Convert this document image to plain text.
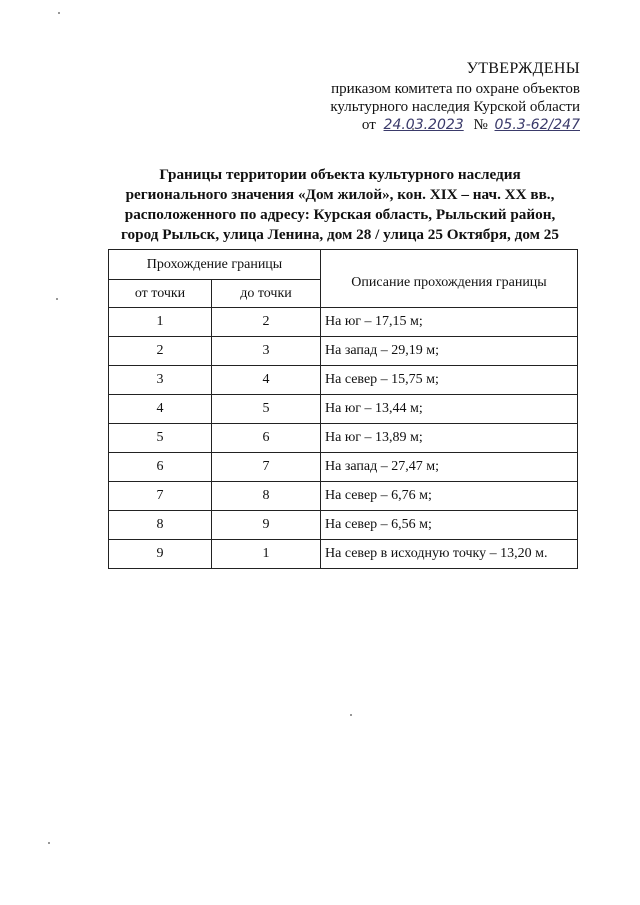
УТВЕРЖДЕНЫ
приказом комитета по охране объектов
культурного наследия Курской области
от 24.03.2023 № 05.3-62/247
Границы территории объекта культурного наследия
регионального значения «Дом жилой», кон. XIX – нач. XX вв.,
расположенного по адресу: Курская область, Рыльский район,
город Рыльск, улица Ленина, дом 28 / улица 25 Октября, дом 25
Прохождение границы		Описание прохождения границы
от точки	до точки	
1	2	На юг – 17,15 м;
2	3	На запад – 29,19 м;
3	4	На север – 15,75 м;
4	5	На юг – 13,44 м;
5	6	На юг – 13,89 м;
6	7	На запад – 27,47 м;
7	8	На север – 6,76 м;
8	9	На север – 6,56 м;
9	1	На север в исходную точку – 13,20 м.
